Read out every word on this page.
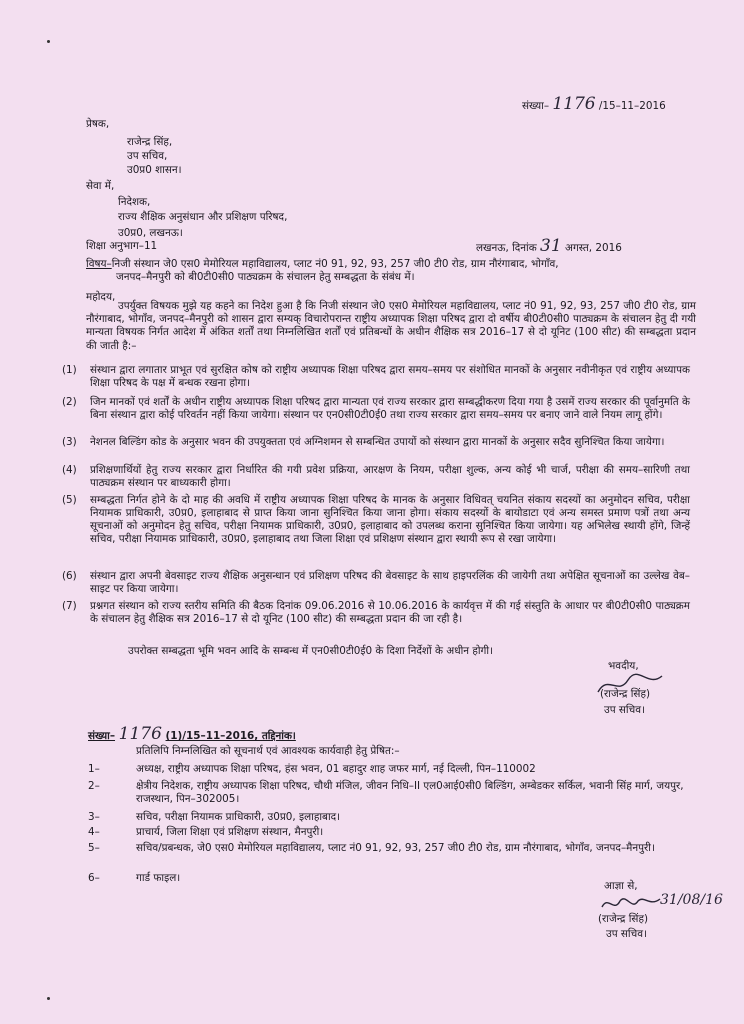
संख्या– 1176 /15–11–2016
प्रेषक,
राजेन्द्र सिंह,
उप सचिव,
उ0प्र0 शासन।
सेवा में,
निदेशक,
राज्य शैक्षिक अनुसंधान और प्रशिक्षण परिषद,
उ0प्र0, लखनऊ।
शिक्षा अनुभाग–11	लखनऊ, दिनांक 31 अगस्त, 2016
विषय–निजी संस्थान जे0 एस0 मेमोरियल महाविद्यालय, प्लाट नं0 91, 92, 93, 257 जी0 टी0 रोड, ग्राम नौरंगाबाद, भोगाँव,
जनपद–मैनपुरी को बी0टी0सी0 पाठ्यक्रम के संचालन हेतु सम्बद्धता के संबंध में।
महोदय,
उपर्युक्त विषयक मुझे यह कहने का निदेश हुआ है कि निजी संस्थान जे0 एस0 मेमोरियल महाविद्यालय, प्लाट नं0 91, 92, 93, 257 जी0 टी0 रोड, ग्राम नौरंगाबाद, भोगाँव, जनपद–मैनपुरी को शासन द्वारा सम्यक् विचारोपरान्त राष्ट्रीय अध्यापक शिक्षा परिषद द्वारा दो वर्षीय बी0टी0सी0 पाठ्यक्रम के संचालन हेतु दी गयी मान्यता विषयक निर्गत आदेश में अंकित शर्तों तथा निम्नलिखित शर्तों एवं प्रतिबन्धों के अधीन शैक्षिक सत्र 2016–17 से दो यूनिट (100 सीट) की सम्बद्धता प्रदान की जाती है:–
(1) संस्थान द्वारा लगातार प्राभूत एवं सुरक्षित कोष को राष्ट्रीय अध्यापक शिक्षा परिषद द्वारा समय–समय पर संशोधित मानकों के अनुसार नवीनीकृत एवं राष्ट्रीय अध्यापक शिक्षा परिषद के पक्ष में बन्धक रखना होगा।
(2) जिन मानकों एवं शर्तों के अधीन राष्ट्रीय अध्यापक शिक्षा परिषद द्वारा मान्यता एवं राज्य सरकार द्वारा सम्बद्धीकरण दिया गया है उसमें राज्य सरकार की पूर्वानुमति के बिना संस्थान द्वारा कोई परिवर्तन नहीं किया जायेगा। संस्थान पर एन0सी0टी0ई0 तथा राज्य सरकार द्वारा समय–समय पर बनाए जाने वाले नियम लागू होंगे।
(3) नेशनल बिल्डिंग कोड के अनुसार भवन की उपयुक्तता एवं अग्निशमन से सम्बन्धित उपायों को संस्थान द्वारा मानकों के अनुसार सदैव सुनिश्चित किया जायेगा।
(4) प्रशिक्षणार्थियों हेतु राज्य सरकार द्वारा निर्धारित की गयी प्रवेश प्रक्रिया, आरक्षण के नियम, परीक्षा शुल्क, अन्य कोई भी चार्ज, परीक्षा की समय–सारिणी तथा पाठ्यक्रम संस्थान पर बाध्यकारी होगा।
(5) सम्बद्धता निर्गत होने के दो माह की अवधि में राष्ट्रीय अध्यापक शिक्षा परिषद के मानक के अनुसार विधिवत् चयनित संकाय सदस्यों का अनुमोदन सचिव, परीक्षा नियामक प्राधिकारी, उ0प्र0, इलाहाबाद से प्राप्त किया जाना सुनिश्चित किया जाना होगा। संकाय सदस्यों के बायोडाटा एवं अन्य समस्त प्रमाण पत्रों तथा अन्य सूचनाओं को अनुमोदन हेतु सचिव, परीक्षा नियामक प्राधिकारी, उ0प्र0, इलाहाबाद को उपलब्ध कराना सुनिश्चित किया जायेगा। यह अभिलेख स्थायी होंगे, जिन्हें सचिव, परीक्षा नियामक प्राधिकारी, उ0प्र0, इलाहाबाद तथा जिला शिक्षा एवं प्रशिक्षण संस्थान द्वारा स्थायी रूप से रखा जायेगा।
(6) संस्थान द्वारा अपनी बेवसाइट राज्य शैक्षिक अनुसन्धान एवं प्रशिक्षण परिषद की बेवसाइट के साथ हाइपरलिंक की जायेगी तथा अपेक्षित सूचनाओं का उल्लेख वेब–साइट पर किया जायेगा।
(7) प्रश्नगत संस्थान को राज्य स्तरीय समिति की बैठक दिनांक 09.06.2016 से 10.06.2016 के कार्यवृत्त में की गई संस्तुति के आधार पर बी0टी0सी0 पाठ्यक्रम के संचालन हेतु शैक्षिक सत्र 2016–17 से दो यूनिट (100 सीट) की सम्बद्धता प्रदान की जा रही है।
उपरोक्त सम्बद्धता भूमि भवन आदि के सम्बन्ध में एन0सी0टी0ई0 के दिशा निर्देशों के अधीन होगी।
भवदीय,
(राजेन्द्र सिंह)
उप सचिव।
संख्या– 1176 (1)/15–11–2016, तद्दिनांक।
प्रतिलिपि निम्नलिखित को सूचनार्थ एवं आवश्यक कार्यवाही हेतु प्रेषित:–
1–	अध्यक्ष, राष्ट्रीय अध्यापक शिक्षा परिषद, हंस भवन, 01 बहादुर शाह जफर मार्ग, नई दिल्ली, पिन–110002
2–	क्षेत्रीय निदेशक, राष्ट्रीय अध्यापक शिक्षा परिषद, चौथी मंजिल, जीवन निधि–II एल0आई0सी0 बिल्डिंग, अम्बेडकर सर्किल, भवानी सिंह मार्ग, जयपुर, राजस्थान, पिन–302005।
3–	सचिव, परीक्षा नियामक प्राधिकारी, उ0प्र0, इलाहाबाद।
4–	प्राचार्य, जिला शिक्षा एवं प्रशिक्षण संस्थान, मैनपुरी।
5–	सचिव/प्रबन्धक, जे0 एस0 मेमोरियल महाविद्यालय, प्लाट नं0 91, 92, 93, 257 जी0 टी0 रोड, ग्राम नौरंगाबाद, भोगाँव, जनपद–मैनपुरी।
6–	गार्ड फाइल।
आज्ञा से,
31/08/16
(राजेन्द्र सिंह)
उप सचिव।
